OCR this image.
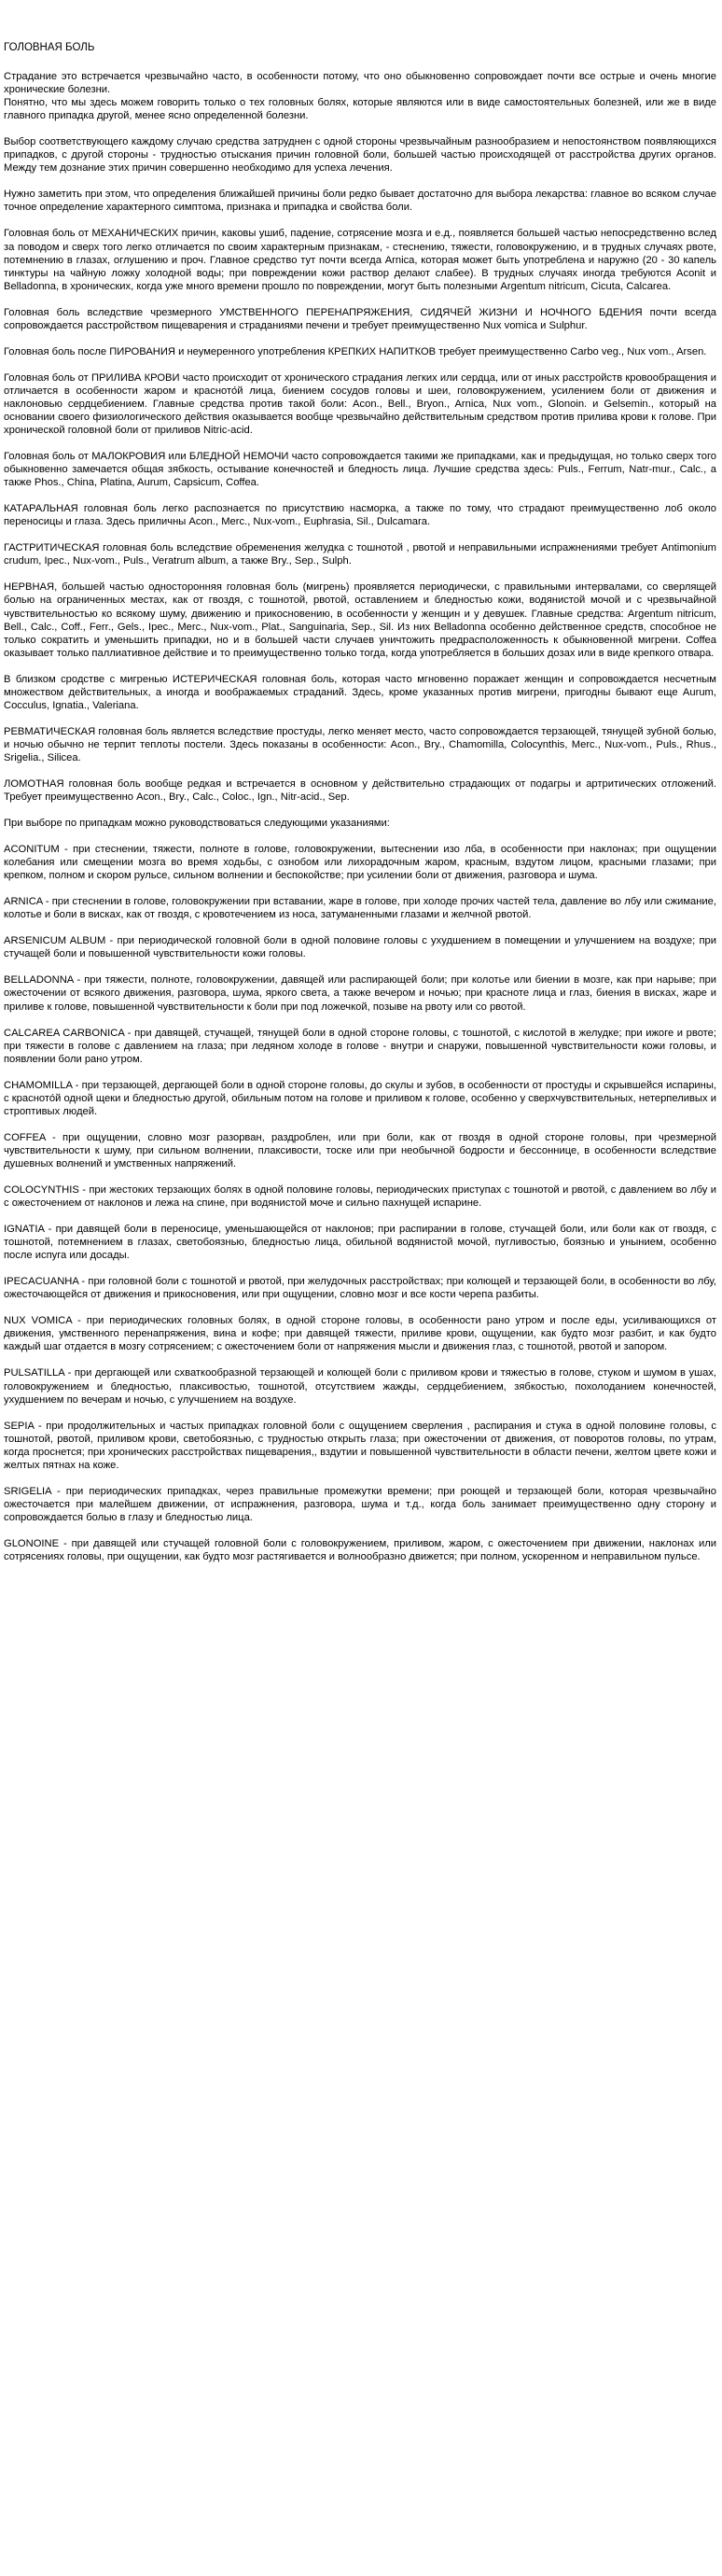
ГОЛОВНАЯ БОЛЬ

Страдание это встречается чрезвычайно часто, в особенности потому, что оно обыкновенно сопровождает почти все острые и очень многие хронические болезни.

Понятно, что мы здесь можем говорить только о тех головных болях, которые являются или в виде самостоятельных болезней, или же в виде главного припадка другой, менее ясно определенной болезни.

Выбор соответствующего каждому случаю средства затруднен с одной стороны чрезвычайным разнообразием и непостоянством появляющихся припадков, с другой стороны - трудностью отыскания причин головной боли, большей частью происходящей от расстройства других органов. Между тем дознание этих причин совершенно необходимо для успеха лечения.

Нужно заметить при этом, что определения ближайшей причины боли редко бывает достаточно для выбора лекарства: главное во всяком случае точное определение характерного симптома, признака и припадка и свойства боли.

Головная боль от МЕХАНИЧЕСКИХ причин, каковы ушиб, падение, сотрясение мозга и е.д., появляется большей частью непосредственно вслед за поводом и сверх того легко отличается по своим характерным признакам, - стеснению, тяжести, головокружению, и в трудных случаях рвоте, потемнению в глазах, оглушению и проч. Главное средство тут почти всегда Arnica, которая может быть употреблена и наружно (20 - 30 капель тинктуры на чайную ложку холодной воды; при повреждении кожи раствор делают слабее). В трудных случаях иногда требуются Aconit и Belladonna, в хронических, когда уже много времени прошло по повреждении, могут быть полезными Argentum nitricum, Cicuta, Calcarea.

Головная боль вследствие чрезмерного УМСТВЕННОГО ПЕРЕНАПРЯЖЕНИЯ, СИДЯЧЕЙ ЖИЗНИ И НОЧНОГО БДЕНИЯ почти всегда сопровождается расстройством пищеварения и страданиями печени и требует преимущественно Nux vomica и Sulphur.

Головная боль после ПИРОВАНИЯ и неумеренного употребления КРЕПКИХ НАПИТКОВ требует преимущественно Carbo veg., Nux vom., Arsen.

Головная боль от ПРИЛИВА КРОВИ часто происходит от хронического страдания легких или сердца, или от иных расстройств кровообращения и отличается в особенности жаром и красното́й лица, биением сосудов головы и шеи, головокружением, усилением боли от движения и наклоновью сердцебиением. Главные средства против такой боли: Acon., Bell., Bryon., Arnica, Nux vom., Glonoin. и Gelsemin., который на основании своего физиологического действия оказывается вообще чрезвычайно действительным средством против прилива крови к голове. При хронической головной боли от приливов Nitric-acid.

Головная боль от МАЛОКРОВИЯ или БЛЕДНОЙ НЕМОЧИ часто сопровождается такими же припадками, как и предыдущая, но только сверх того обыкновенно замечается общая зябкость, остывание конечностей и бледность лица. Лучшие средства здесь: Puls., Ferrum, Natr-mur., Calc., а также Phos., China, Platina, Aurum, Capsicum, Coffea.

КАТАРАЛЬНАЯ головная боль легко распознается по присутствию насморка, а также по тому, что страдают преимущественно лоб около переносицы и глаза. Здесь приличны Acon., Merc., Nux-vom., Euphrasia, Sil., Dulcamara.

ГАСТРИТИЧЕСКАЯ головная боль вследствие обременения желудка с тошнотой , рвотой и неправильными испражнениями требует Antimonium crudum, Ipec., Nux-vom., Puls., Veratrum album, а также Bry., Sep., Sulph.

НЕРВНАЯ, большей частью односторонняя головная боль (мигрень) проявляется периодически, с правильными интервалами, со сверлящей болью на ограниченных местах, как от гвоздя, с тошнотой, рвотой, оставлением и бледностью кожи, водянистой мочой и с чрезвычайной чувствительностью ко всякому шуму, движению и прикосновению, в особенности у женщин и у девушек. Главные средства: Argentum nitricum, Bell., Calc., Coff., Ferr., Gels., Ipec., Merc., Nux-vom., Plat., Sanguinaria, Sep., Sil. Из них Belladonna особенно действенное средств, способное не только сократить и уменьшить припадки, но и в большей части случаев уничтожить предрасположенность к обыкновенной мигрени. Coffea оказывает только паллиативное действие и то преимущественно только тогда, когда употребляется в больших дозах или в виде крепкого отвара.

В близком сродстве с мигренью ИСТЕРИЧЕСКАЯ головная боль, которая часто мгновенно поражает женщин и сопровождается несчетным множеством действительных, а иногда и воображаемых страданий. Здесь, кроме указанных против мигрени, пригодны бывают еще Aurum, Cocculus, Ignatia., Valeriana.

РЕВМАТИЧЕСКАЯ головная боль является вследствие простуды, легко меняет место, часто сопровождается терзающей, тянущей зубной болью, и ночью обычно не терпит теплоты постели. Здесь показаны в особенности: Acon., Bry., Chamomilla, Colocynthis, Merc., Nux-vom., Puls., Rhus., Srigelia., Silicea.

ЛОМОТНАЯ головная боль вообще редкая и встречается в основном у действительно страдающих от подагры и артритических отложений. Требует преимущественно Acon., Bry., Calc., Coloc., Ign., Nitr-acid., Sep.

При выборе по припадкам можно руководствоваться следующими указаниями:

ACONITUM - при стеснении, тяжести, полноте в голове, головокружении, вытеснении изо лба, в особенности при наклонах; при ощущении колебания или смещении мозга во время ходьбы, с ознобом или лихорадочным жаром, красным, вздутом лицом, красными глазами; при крепком, полном и скором рульсе, сильном волнении и беспокойстве; при усилении боли от движения, разговора и шума.

ARNICA - при стеснении в голове, головокружении при вставании, жаре в голове, при холоде прочих частей тела, давление во лбу или сжимание, колотье и боли в висках, как от гвоздя, с кровотечением из носа, затуманенными глазами и желчной рвотой.

ARSENICUM ALBUM - при периодической головной боли в одной половине головы с ухудшением в помещении и улучшением на воздухе; при стучащей боли и повышенной чувствительности кожи головы.

BELLADONNA - при тяжести, полноте, головокружении, давящей или распирающей боли; при колотье или биении в мозге, как при нарыве; при ожесточении от всякого движения, разговора, шума, яркого света, а также вечером и ночью; при красноте лица и глаз, биения в висках, жаре и приливе к голове, повышенной чувствительности к боли при под ложечкой, позыве на рвоту или со рвотой.

CALCAREA CARBONICA - при давящей, стучащей, тянущей боли в одной стороне головы, с тошнотой, с кислотой в желудке; при ижоге и рвоте; при тяжести в голове с давлением на глаза; при ледяном холоде в голове - внутри и снаружи, повышенной чувствительности кожи головы, и появлении боли рано утром.

CHAMOMILLA - при терзающей, дергающей боли в одной стороне головы, до скулы и зубов, в особенности от простуды и скрывшейся испарины, с красното́й одной щеки и бледностью другой, обильным потом на голове и приливом к голове, особенно у сверхчувствительных, нетерпеливых и строптивых людей.

COFFEA - при ощущении, словно мозг разорван, раздроблен, или при боли, как от гвоздя в одной стороне головы, при чрезмерной чувствительности к шуму, при сильном волнении, плаксивости, тоске или при необычной бодрости и бессоннице, в особенности вследствие душевных волнений и умственных напряжений.

COLOCYNTHIS - при жестоких терзающих болях в одной половине головы, периодических приступах с тошнотой и рвотой, с давлением во лбу и с ожесточением от наклонов и лежа на спине, при водянистой моче и сильно пахнущей испарине.

IGNATIA - при давящей боли в переносице, уменьшающейся от наклонов; при распирании в голове, стучащей боли, или боли как от гвоздя, с тошнотой, потемнением в глазах, светобоязнью, бледностью лица, обильной водянистой мочой, пугливостью, боязнью и унынием, особенно после испуга или досады.

IPECACUANHA - при головной боли с тошнотой и рвотой, при желудочных расстройствах; при колющей и терзающей боли, в особенности во лбу, ожесточающейся от движения и прикосновения, или при ощущении, словно мозг и все кости черепа разбиты.

NUX VOMICA - при периодических головных болях, в одной стороне головы, в особенности рано утром и после еды, усиливающихся от движения, умственного перенапряжения, вина и кофе; при давящей тяжести, приливе крови, ощущении, как будто мозг разбит, и как будто каждый шаг отдается в мозгу сотрясением; с ожесточением боли от напряжения мысли и движения глаз, с тошнотой, рвотой и запором.

PULSATILLA - при дергающей или схваткообразной терзающей и колющей боли с приливом крови и тяжестью в голове, стуком и шумом в ушах, головокружением и бледностью, плаксивостью, тошнотой, отсутствием жажды, сердцебиением, зябкостью, похолоданием конечностей, ухудшением по вечерам и ночью, с улучшением на воздухе.

SEPIA - при продолжительных и частых припадках головной боли с ощущением сверления , распирания и стука в одной половине головы, с тошнотой, рвотой, приливом крови, светобоязнью, с трудностью открыть глаза; при ожесточении от движения, от поворотов головы, по утрам, когда проснется; при хронических расстройствах пищеварения,, вздутии и повышенной чувствительности в области печени, желтом цвете кожи и желтых пятнах на коже.

SRIGELIA - при периодических припадках, через правильные промежутки времени; при роющей и терзающей боли, которая чрезвычайно ожесточается при малейшем движении, от испражнения, разговора, шума и т.д., когда боль занимает преимущественно одну сторону и сопровождается болью в глазу и бледностью лица.

GLONOINE - при давящей или стучащей головной боли с головокружением, приливом, жаром, с ожесточением при движении, наклонах или сотрясениях головы, при ощущении, как будто мозг растягивается и волнообразно движется; при полном, ускоренном и неправильном пульсе.
